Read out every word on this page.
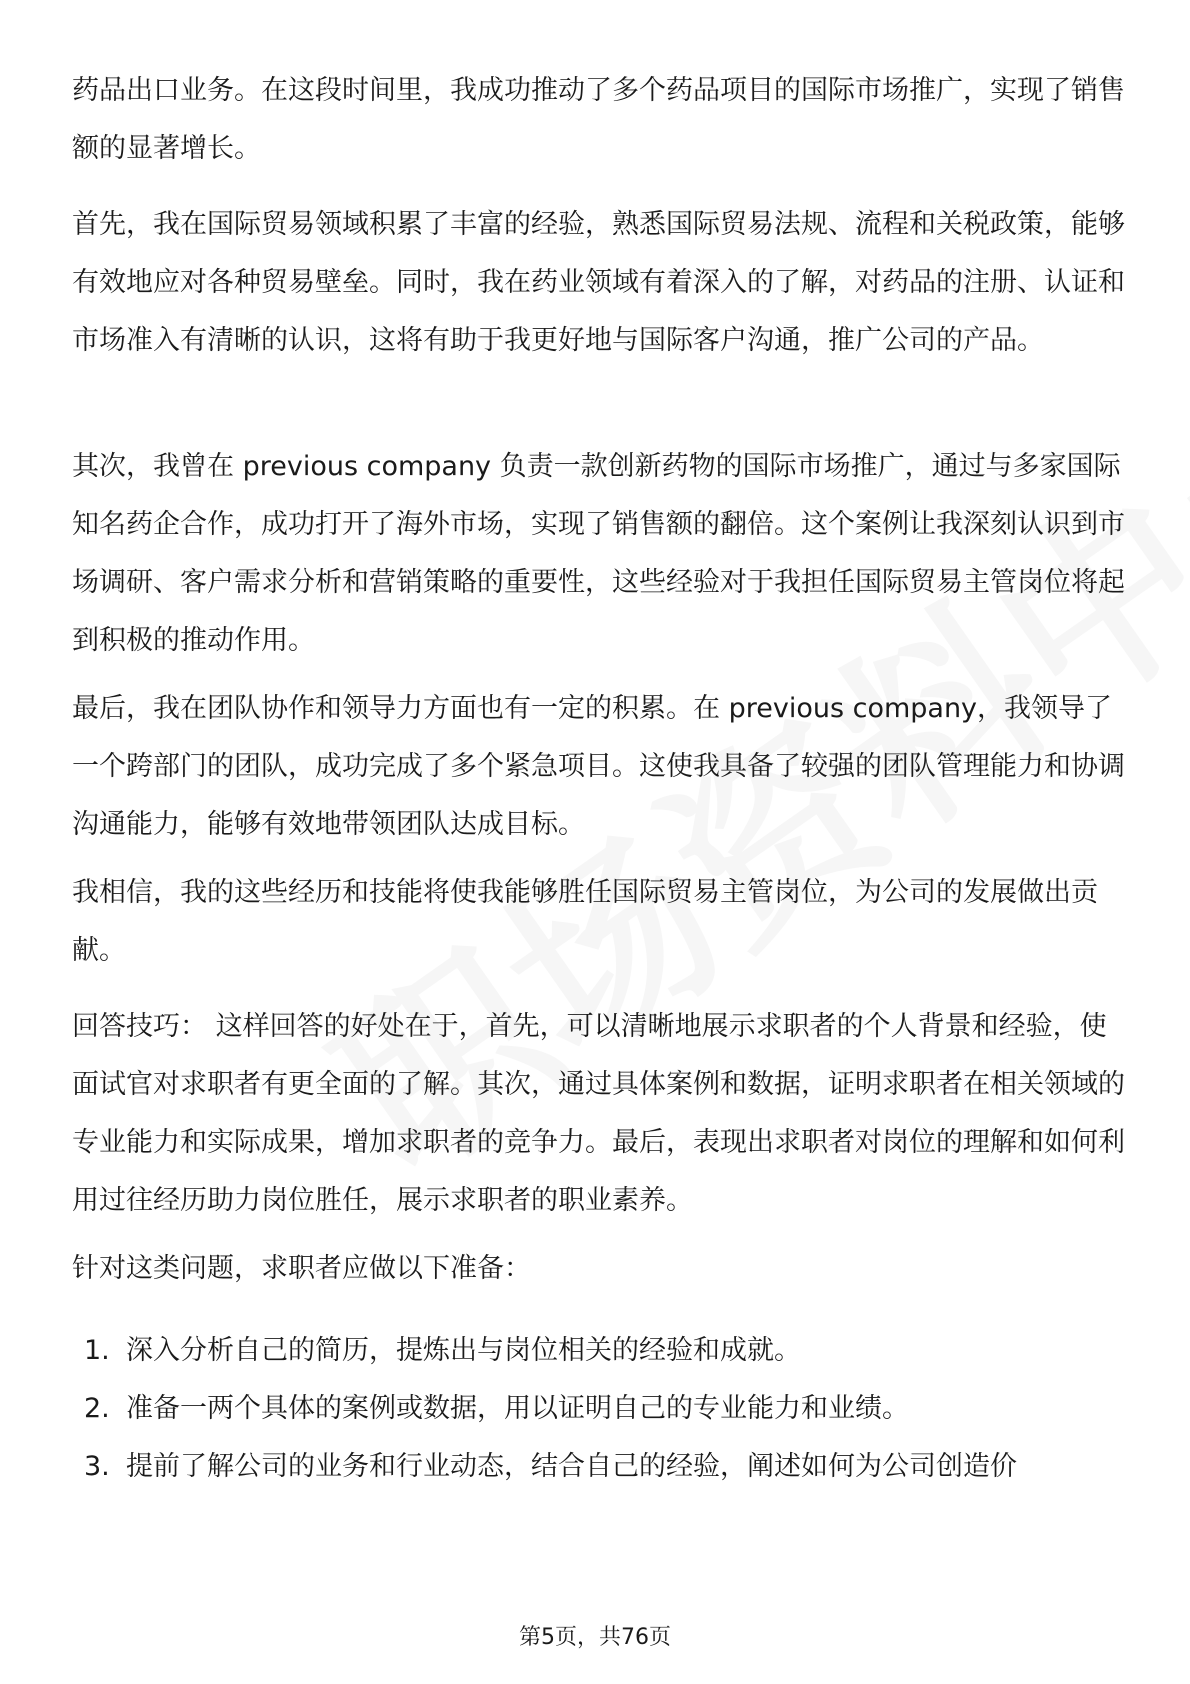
药品出口业务。在这段时间里，我成功推动了多个药品项目的国际市场推广，实现了销售额的显著增长。

首先，我在国际贸易领域积累了丰富的经验，熟悉国际贸易法规、流程和关税政策，能够有效地应对各种贸易壁垒。同时，我在药业领域有着深入的了解，对药品的注册、认证和市场准入有清晰的认识，这将有助于我更好地与国际客户沟通，推广公司的产品。

其次，我曾在 previous company 负责一款创新药物的国际市场推广，通过与多家国际知名药企合作，成功打开了海外市场，实现了销售额的翻倍。这个案例让我深刻认识到市场调研、客户需求分析和营销策略的重要性，这些经验对于我担任国际贸易主管岗位将起到积极的推动作用。

最后，我在团队协作和领导力方面也有一定的积累。在 previous company，我领导了一个跨部门的团队，成功完成了多个紧急项目。这使我具备了较强的团队管理能力和协调沟通能力，能够有效地带领团队达成目标。

我相信，我的这些经历和技能将使我能够胜任国际贸易主管岗位，为公司的发展做出贡献。

回答技巧： 这样回答的好处在于，首先，可以清晰地展示求职者的个人背景和经验，使面试官对求职者有更全面的了解。其次，通过具体案例和数据，证明求职者在相关领域的专业能力和实际成果，增加求职者的竞争力。最后，表现出求职者对岗位的理解和如何利用过往经历助力岗位胜任，展示求职者的职业素养。

针对这类问题，求职者应做以下准备：

1. 深入分析自己的简历，提炼出与岗位相关的经验和成就。
2. 准备一两个具体的案例或数据，用以证明自己的专业能力和业绩。
3. 提前了解公司的业务和行业动态，结合自己的经验，阐述如何为公司创造价
第5页，共76页
